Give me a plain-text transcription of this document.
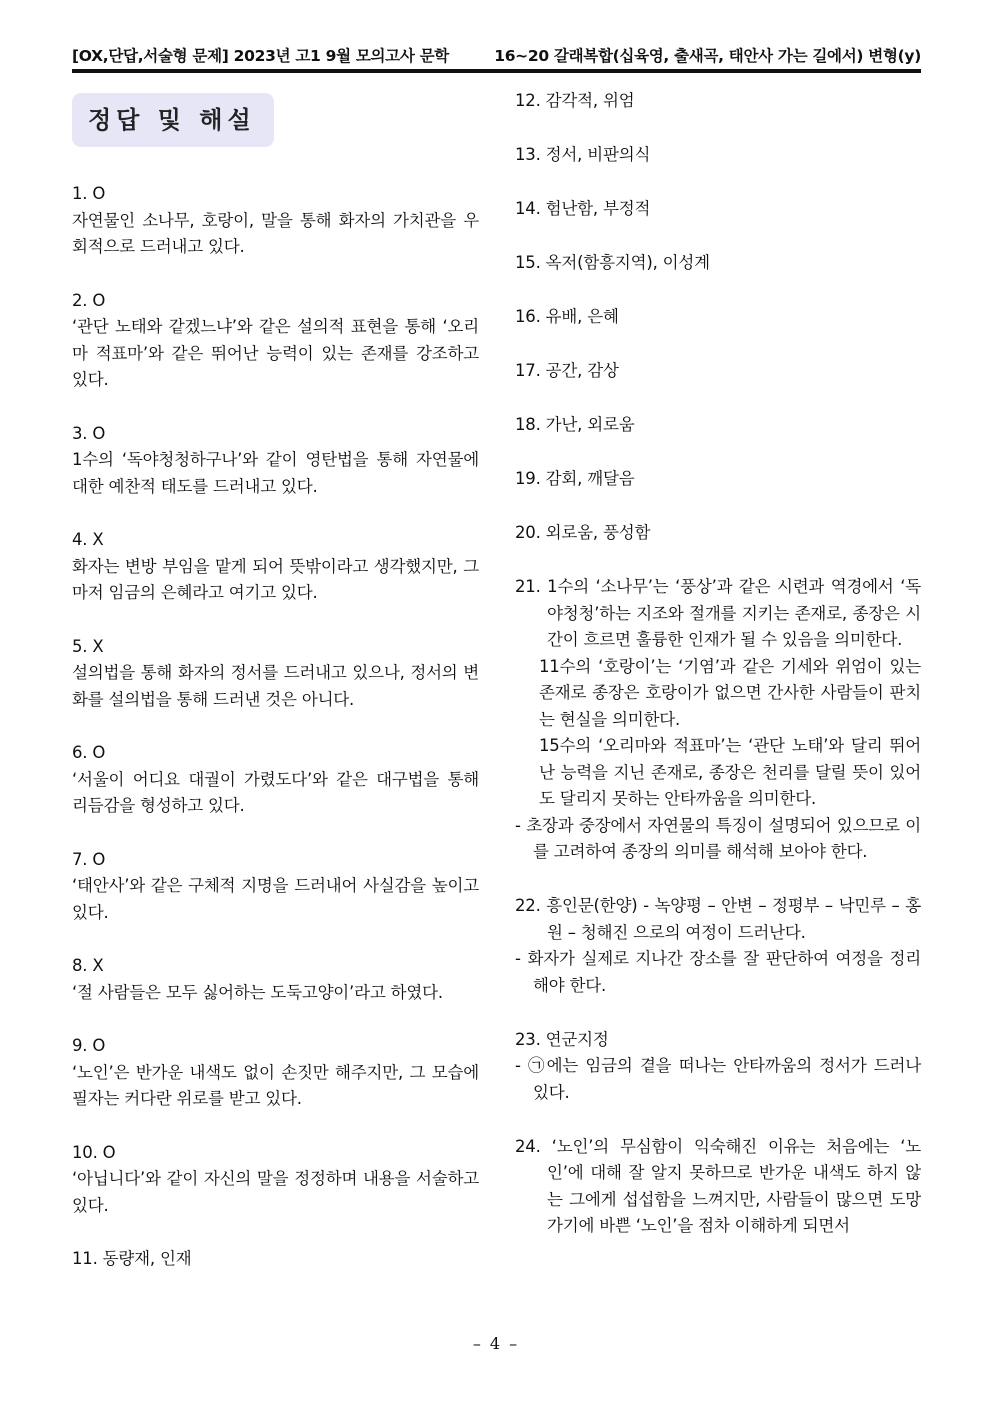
[OX,단답,서술형 문제] 2023년 고1 9월 모의고사 문학	16~20 갈래복합(십육영, 출새곡, 태안사 가는 길에서) 변형(y)
정답 및 해설
1. O
자연물인 소나무, 호랑이, 말을 통해 화자의 가치관을 우회적으로 드러내고 있다.
2. O
‘관단 노태와 같겠느냐’와 같은 설의적 표현을 통해 ‘오리마 적표마’와 같은 뛰어난 능력이 있는 존재를 강조하고 있다.
3. O
1수의 ‘독야청청하구나’와 같이 영탄법을 통해 자연물에 대한 예찬적 태도를 드러내고 있다.
4. X
화자는 변방 부임을 맡게 되어 뜻밖이라고 생각했지만, 그마저 임금의 은혜라고 여기고 있다.
5. X
설의법을 통해 화자의 정서를 드러내고 있으나, 정서의 변화를 설의법을 통해 드러낸 것은 아니다.
6. O
‘서울이 어디요 대궐이 가렸도다’와 같은 대구법을 통해 리듬감을 형성하고 있다.
7. O
‘태안사’와 같은 구체적 지명을 드러내어 사실감을 높이고 있다.
8. X
‘절 사람들은 모두 싫어하는 도둑고양이’라고 하였다.
9. O
‘노인’은 반가운 내색도 없이 손짓만 해주지만, 그 모습에 필자는 커다란 위로를 받고 있다.
10. O
‘아닙니다’와 같이 자신의 말을 정정하며 내용을 서술하고 있다.
11. 동량재, 인재
12. 감각적, 위엄
13. 정서, 비판의식
14. 험난함, 부정적
15. 옥저(함흥지역), 이성계
16. 유배, 은혜
17. 공간, 감상
18. 가난, 외로움
19. 감회, 깨달음
20. 외로움, 풍성함
21. 1수의 ‘소나무’는 ‘풍상’과 같은 시련과 역경에서 ‘독야청청’하는 지조와 절개를 지키는 존재로, 종장은 시간이 흐르면 훌륭한 인재가 될 수 있음을 의미한다.
11수의 ‘호랑이’는 ‘기염’과 같은 기세와 위엄이 있는 존재로 종장은 호랑이가 없으면 간사한 사람들이 판치는 현실을 의미한다.
15수의 ‘오리마와 적표마’는 ‘관단 노태’와 달리 뛰어난 능력을 지닌 존재로, 종장은 천리를 달릴 뜻이 있어도 달리지 못하는 안타까움을 의미한다.
- 초장과 중장에서 자연물의 특징이 설명되어 있으므로 이를 고려하여 종장의 의미를 해석해 보아야 한다.
22. 흥인문(한양) - 녹양평 – 안변 – 정평부 – 낙민루 – 홍원 – 청해진 으로의 여정이 드러난다.
- 화자가 실제로 지나간 장소를 잘 판단하여 여정을 정리해야 한다.
23. 연군지정
- ㉠에는 임금의 곁을 떠나는 안타까움의 정서가 드러나 있다.
24. ‘노인’의 무심함이 익숙해진 이유는 처음에는 ‘노인’에 대해 잘 알지 못하므로 반가운 내색도 하지 않는 그에게 섭섭함을 느껴지만, 사람들이 많으면 도망가기에 바쁜 ‘노인’을 점차 이해하게 되면서
– 4 –
